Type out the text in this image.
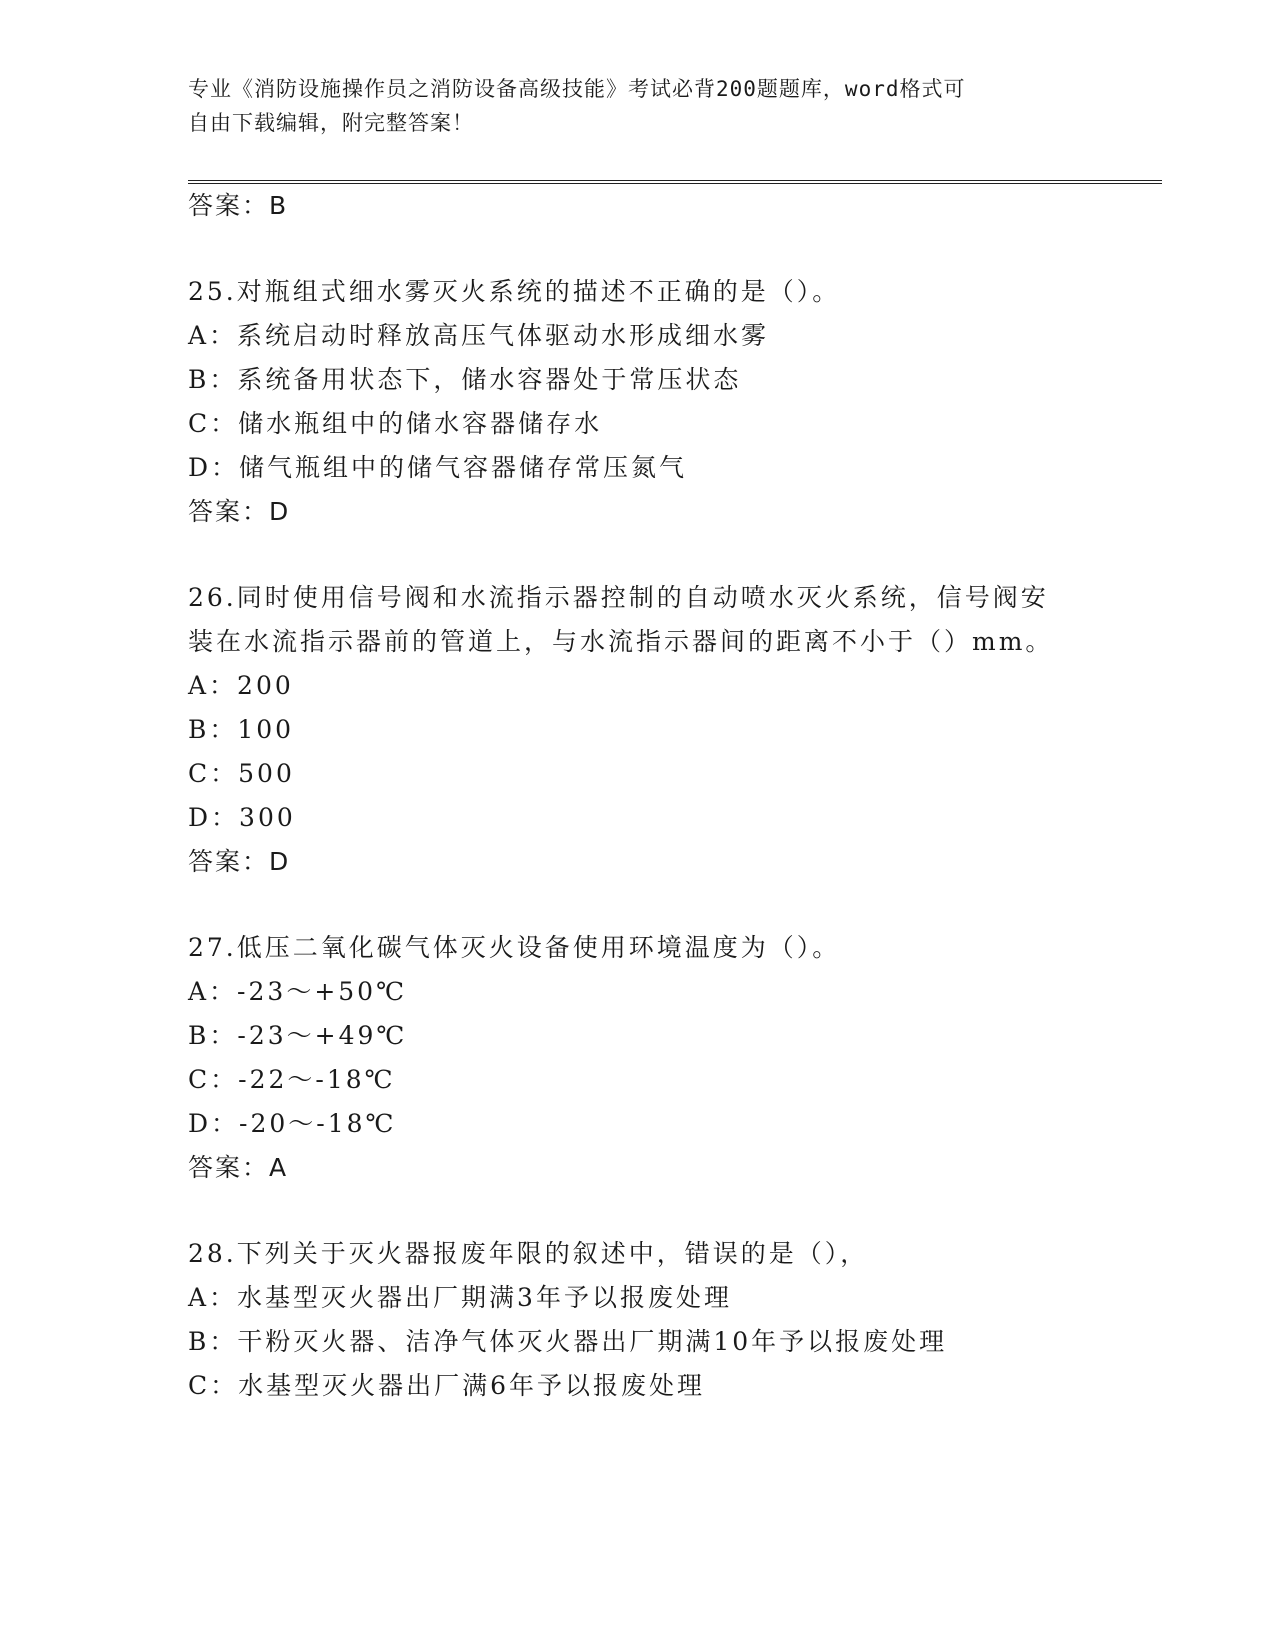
专业《消防设施操作员之消防设备高级技能》考试必背200题题库，word格式可
自由下载编辑，附完整答案！
答案：B
25.对瓶组式细水雾灭火系统的描述不正确的是（）。
A：系统启动时释放高压气体驱动水形成细水雾
B：系统备用状态下，储水容器处于常压状态
C：储水瓶组中的储水容器储存水
D：储气瓶组中的储气容器储存常压氮气
答案：D
26.同时使用信号阀和水流指示器控制的自动喷水灭火系统，信号阀安
装在水流指示器前的管道上，与水流指示器间的距离不小于（）mm。
A：200
B：100
C：500
D：300
答案：D
27.低压二氧化碳气体灭火设备使用环境温度为（）。
A：-23～+50℃
B：-23～+49℃
C：-22～-18℃
D：-20～-18℃
答案：A
28.下列关于灭火器报废年限的叙述中，错误的是（），
A：水基型灭火器出厂期满3年予以报废处理
B：干粉灭火器、洁净气体灭火器出厂期满10年予以报废处理
C：水基型灭火器出厂满6年予以报废处理
